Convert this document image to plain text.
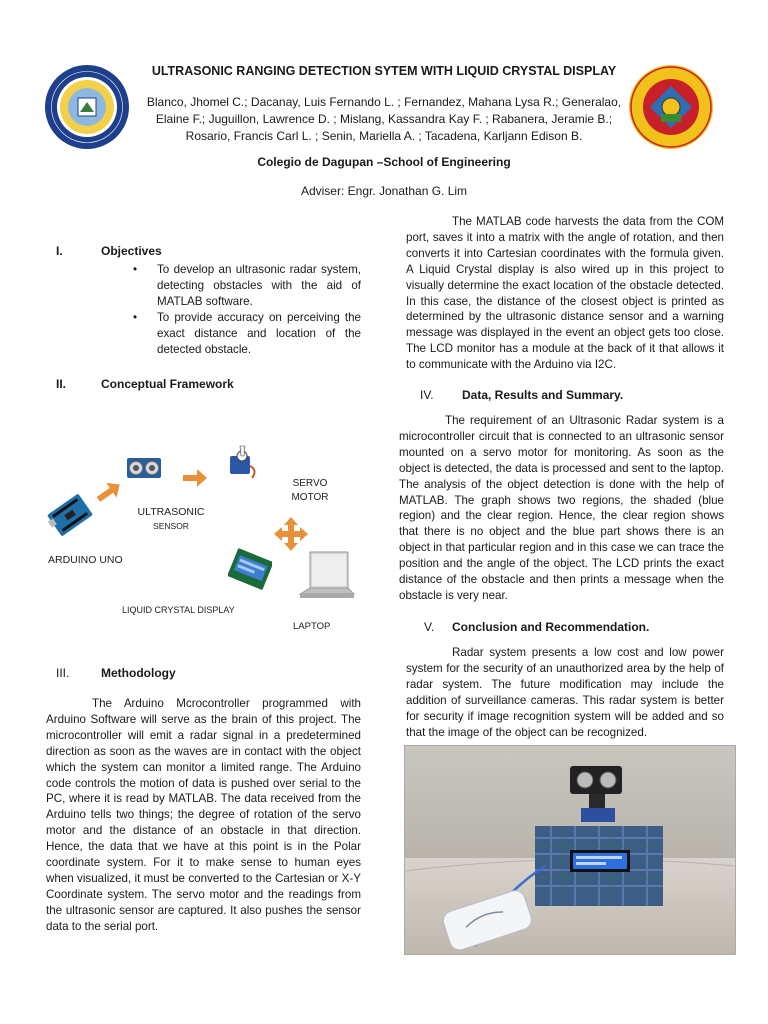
ULTRASONIC RANGING DETECTION SYTEM WITH LIQUID CRYSTAL DISPLAY
Blanco, Jhomel C.; Dacanay, Luis Fernando L. ; Fernandez, Mahana Lysa R.; Generalao,
Elaine F.; Juguillon, Lawrence D. ; Mislang, Kassandra Kay F. ; Rabanera, Jeramie B.;
Rosario, Francis Carl L. ; Senin, Mariella A. ; Tacadena, Karljann Edison B.
Colegio de Dagupan –School of Engineering
Adviser: Engr. Jonathan G. Lim
I.	Objectives
• To develop an ultrasonic radar system, detecting obstacles with the aid of MATLAB software.
• To provide accuracy on perceiving the exact distance and location of the detected obstacle.
II.	Conceptual Framework
SERVO
MOTOR
ULTRASONIC
SENSOR
ARDUINO UNO
LIQUID CRYSTAL DISPLAY
LAPTOP
III.	Methodology
The Arduino Mcrocontroller programmed with Arduino Software will serve as the brain of this project. The microcontroller will emit a radar signal in a predetermined direction as soon as the waves are in contact with the object which the system can monitor a limited range. The Arduino code controls the motion of data is pushed over serial to the PC, where it is read by MATLAB. The data received from the Arduino tells two things; the degree of rotation of the servo motor and the distance of an obstacle in that direction. Hence, the data that we have at this point is in the Polar coordinate system. For it to make sense to human eyes when visualized, it must be converted to the Cartesian or X-Y Coordinate system. The servo motor and the readings from the ultrasonic sensor are captured. It also pushes the sensor data to the serial port.
The MATLAB code harvests the data from the COM port, saves it into a matrix with the angle of rotation, and then converts it into Cartesian coordinates with the formula given. A Liquid Crystal display is also wired up in this project to visually determine the exact location of the obstacle detected. In this case, the distance of the closest object is printed as determined by the ultrasonic distance sensor and a warning message was displayed in the event an object gets too close. The LCD monitor has a module at the back of it that allows it to communicate with the Arduino via I2C.
IV. Data, Results and Summary.
The requirement of an Ultrasonic Radar system is a microcontroller circuit that is connected to an ultrasonic sensor mounted on a servo motor for monitoring. As soon as the object is detected, the data is processed and sent to the laptop. The analysis of the object detection is done with the help of MATLAB. The graph shows two regions, the shaded (blue region) and the clear region. Hence, the clear region shows that there is no object and the blue part shows there is an object in that particular region and in this case we can trace the position and the angle of the object. The LCD prints the exact distance of the obstacle and then prints a message when the obstacle is very near.
V. Conclusion and Recommendation.
Radar system presents a low cost and low power system for the security of an unauthorized area by the help of radar system. The future modification may include the addition of surveillance cameras. This radar system is better for security if image recognition system will be added and so that the image of the object can be recognized.
